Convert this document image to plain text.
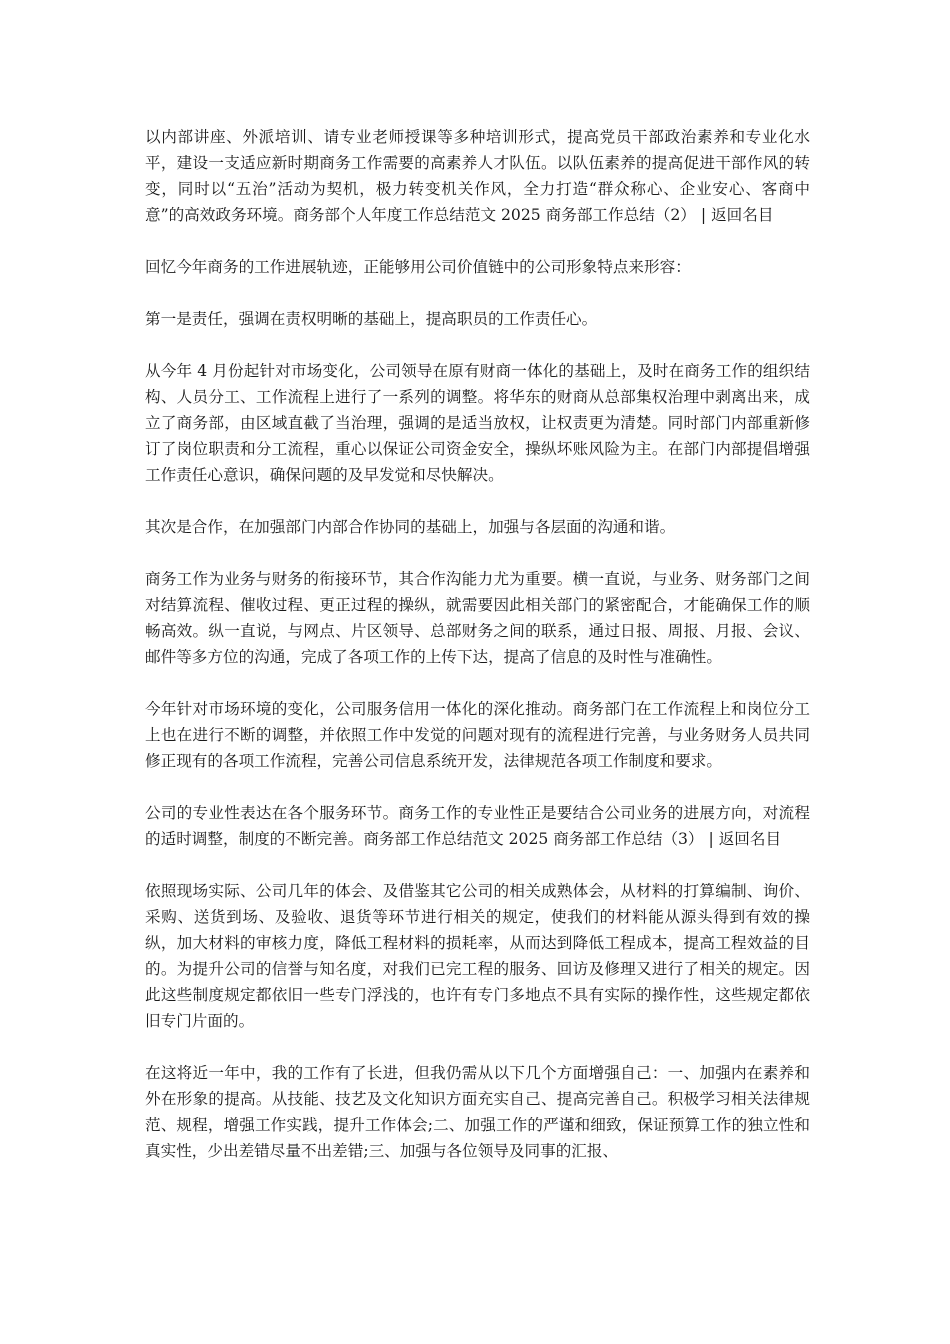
以内部讲座、外派培训、请专业老师授课等多种培训形式，提高党员干部政治素养和专业化水平，建设一支适应新时期商务工作需要的高素养人才队伍。以队伍素养的提高促进干部作风的转变，同时以“五治”活动为契机，极力转变机关作风，全力打造“群众称心、企业安心、客商中意”的高效政务环境。商务部个人年度工作总结范文 2025 商务部工作总结（2） | 返回名目

回忆今年商务的工作进展轨迹，正能够用公司价值链中的公司形象特点来形容：

第一是责任，强调在责权明晰的基础上，提高职员的工作责任心。

从今年 4 月份起针对市场变化，公司领导在原有财商一体化的基础上，及时在商务工作的组织结构、人员分工、工作流程上进行了一系列的调整。将华东的财商从总部集权治理中剥离出来，成立了商务部，由区域直截了当治理，强调的是适当放权，让权责更为清楚。同时部门内部重新修订了岗位职责和分工流程，重心以保证公司资金安全，操纵坏账风险为主。在部门内部提倡增强工作责任心意识，确保问题的及早发觉和尽快解决。

其次是合作，在加强部门内部合作协同的基础上，加强与各层面的沟通和谐。

商务工作为业务与财务的衔接环节，其合作沟能力尤为重要。横一直说，与业务、财务部门之间对结算流程、催收过程、更正过程的操纵，就需要因此相关部门的紧密配合，才能确保工作的顺畅高效。纵一直说，与网点、片区领导、总部财务之间的联系，通过日报、周报、月报、会议、邮件等多方位的沟通，完成了各项工作的上传下达，提高了信息的及时性与准确性。

今年针对市场环境的变化，公司服务信用一体化的深化推动。商务部门在工作流程上和岗位分工上也在进行不断的调整，并依照工作中发觉的问题对现有的流程进行完善，与业务财务人员共同修正现有的各项工作流程，完善公司信息系统开发，法律规范各项工作制度和要求。

公司的专业性表达在各个服务环节。商务工作的专业性正是要结合公司业务的进展方向，对流程的适时调整，制度的不断完善。商务部工作总结范文 2025 商务部工作总结（3） | 返回名目

依照现场实际、公司几年的体会、及借鉴其它公司的相关成熟体会，从材料的打算编制、询价、采购、送货到场、及验收、退货等环节进行相关的规定，使我们的材料能从源头得到有效的操纵，加大材料的审核力度，降低工程材料的损耗率，从而达到降低工程成本，提高工程效益的目的。为提升公司的信誉与知名度，对我们已完工程的服务、回访及修理又进行了相关的规定。因此这些制度规定都依旧一些专门浮浅的，也许有专门多地点不具有实际的操作性，这些规定都依旧专门片面的。

在这将近一年中，我的工作有了长进，但我仍需从以下几个方面增强自己：一、加强内在素养和外在形象的提高。从技能、技艺及文化知识方面充实自己、提高完善自己。积极学习相关法律规范、规程，增强工作实践，提升工作体会;二、加强工作的严谨和细致，保证预算工作的独立性和真实性，少出差错尽量不出差错;三、加强与各位领导及同事的汇报、
